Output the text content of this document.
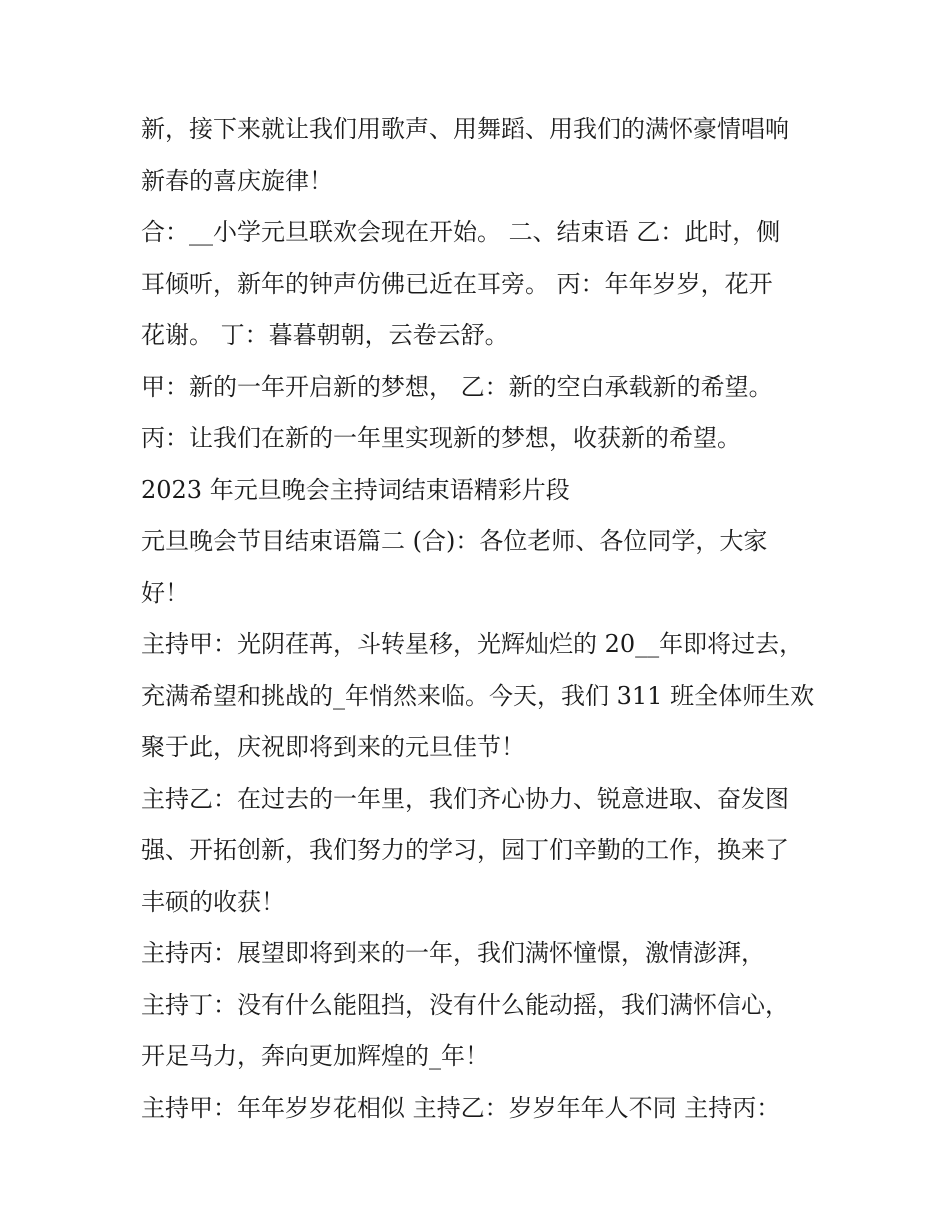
新，接下来就让我们用歌声、用舞蹈、用我们的满怀豪情唱响

新春的喜庆旋律！

合：__小学元旦联欢会现在开始。 二、结束语 乙：此时，侧

耳倾听，新年的钟声仿佛已近在耳旁。 丙：年年岁岁，花开

花谢。 丁：暮暮朝朝，云卷云舒。

甲：新的一年开启新的梦想， 乙：新的空白承载新的希望。

丙：让我们在新的一年里实现新的梦想，收获新的希望。

2023 年元旦晚会主持词结束语精彩片段

元旦晚会节目结束语篇二 (合)：各位老师、各位同学，大家

好！

主持甲：光阴荏苒，斗转星移，光辉灿烂的 20__年即将过去，

充满希望和挑战的_年悄然来临。今天，我们 311 班全体师生欢

聚于此，庆祝即将到来的元旦佳节！

主持乙：在过去的一年里，我们齐心协力、锐意进取、奋发图

强、开拓创新，我们努力的学习，园丁们辛勤的工作，换来了

丰硕的收获！

主持丙：展望即将到来的一年，我们满怀憧憬，激情澎湃，

主持丁：没有什么能阻挡，没有什么能动摇，我们满怀信心，

开足马力，奔向更加辉煌的_年！

主持甲：年年岁岁花相似 主持乙：岁岁年年人不同 主持丙：
